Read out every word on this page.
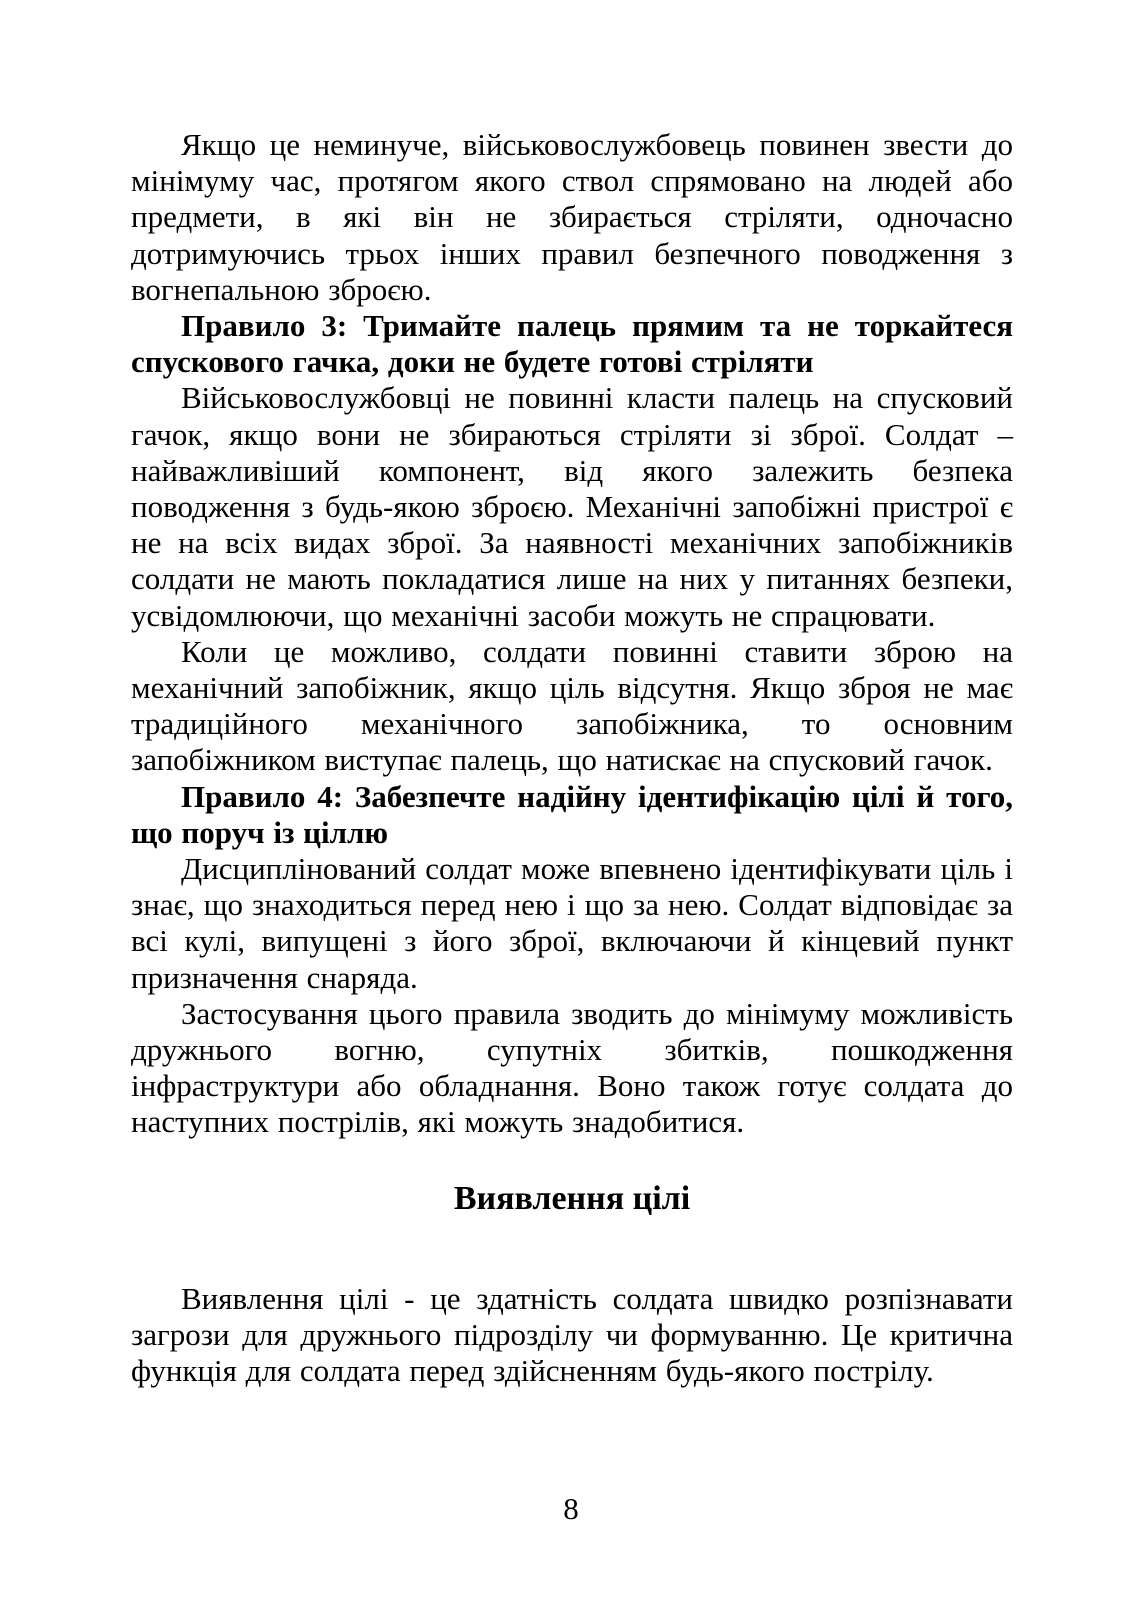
Якщо це неминуче, військовослужбовець повинен звести до мінімуму час, протягом якого ствол спрямовано на людей або предмети, в які він не збирається стріляти, одночасно дотримуючись трьох інших правил безпечного поводження з вогнепальною зброєю.

Правило 3: Тримайте палець прямим та не торкайтеся спускового гачка, доки не будете готові стріляти

Військовослужбовці не повинні класти палець на спусковий гачок, якщо вони не збираються стріляти зі зброї. Солдат – найважливіший компонент, від якого залежить безпека поводження з будь-якою зброєю. Механічні запобіжні пристрої є не на всіх видах зброї. За наявності механічних запобіжників солдати не мають покладатися лише на них у питаннях безпеки, усвідомлюючи, що механічні засоби можуть не спрацювати.

Коли це можливо, солдати повинні ставити зброю на механічний запобіжник, якщо ціль відсутня. Якщо зброя не має традиційного механічного запобіжника, то основним запобіжником виступає палець, що натискає на спусковий гачок.

Правило 4: Забезпечте надійну ідентифікацію цілі й того, що поруч із ціллю

Дисциплінований солдат може впевнено ідентифікувати ціль і знає, що знаходиться перед нею і що за нею. Солдат відповідає за всі кулі, випущені з його зброї, включаючи й кінцевий пункт призначення снаряда.

Застосування цього правила зводить до мінімуму можливість дружнього вогню, супутніх збитків, пошкодження інфраструктури або обладнання. Воно також готує солдата до наступних пострілів, які можуть знадобитися.

Виявлення цілі

Виявлення цілі - це здатність солдата швидко розпізнавати загрози для дружнього підрозділу чи формуванню. Це критична функція для солдата перед здійсненням будь-якого пострілу.

8
